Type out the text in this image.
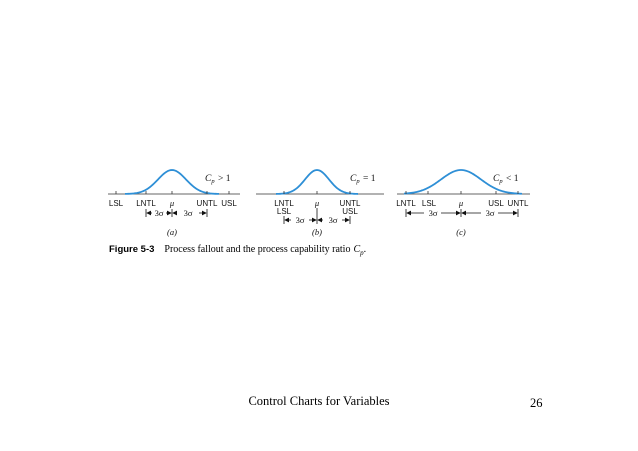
$C_p > 1$
LSL LNTL μ	UNTL USL
3σ 3σ
(a)
$C_p = 1$
LNTL μ	UNTL
LSL	USL
3σ	3σ
(b)
$C_p < 1$
LNTL LSL	μ	USL UNTL
3σ	3σ
(c)
Figure 5-3 Process fallout and the process capability ratio $C_p$.
Control Charts for Variables	26
